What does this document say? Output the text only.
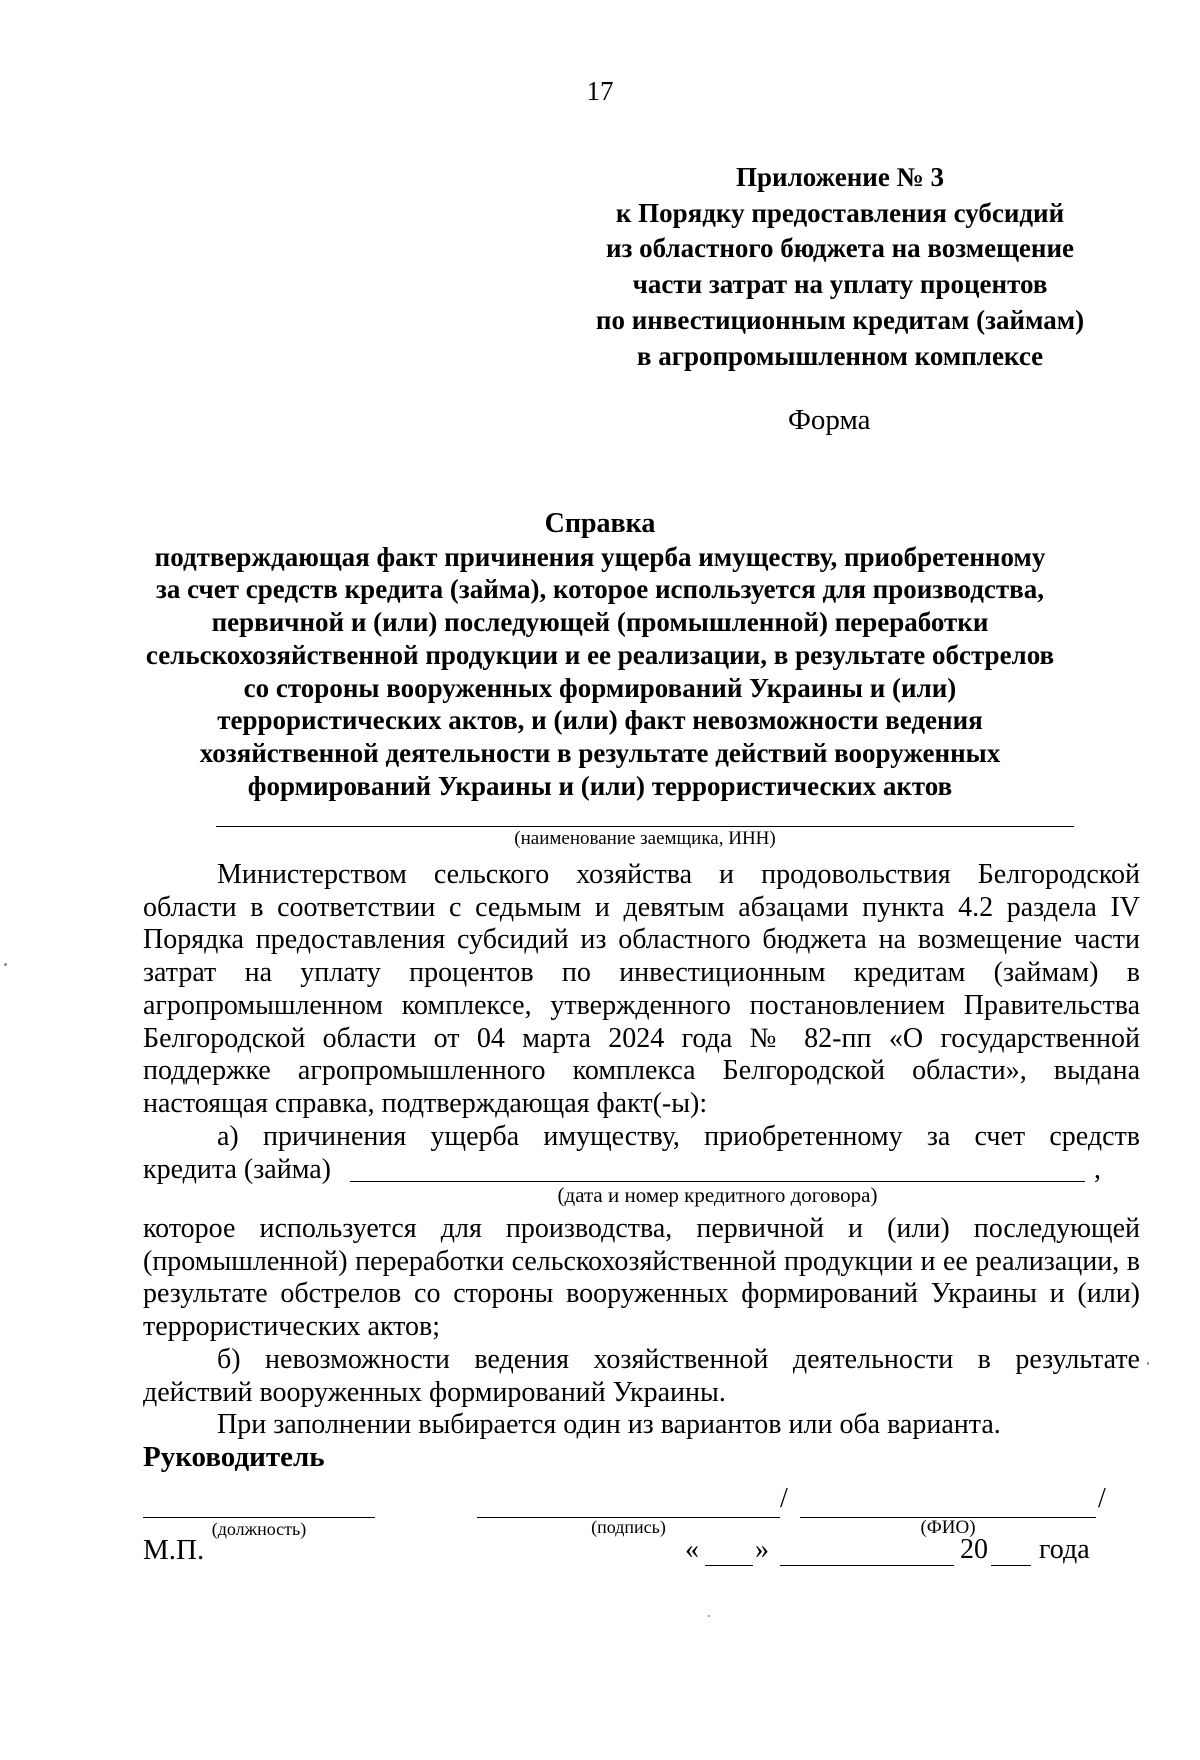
17
Приложение № 3
к Порядку предоставления субсидий
из областного бюджета на возмещение
части затрат на уплату процентов
по инвестиционным кредитам (займам)
в агропромышленном комплексе
Форма
Справка
подтверждающая факт причинения ущерба имуществу, приобретенному
за счет средств кредита (займа), которое используется для производства,
первичной и (или) последующей (промышленной) переработки
сельскохозяйственной продукции и ее реализации, в результате обстрелов
со стороны вооруженных формирований Украины и (или)
террористических актов, и (или) факт невозможности ведения
хозяйственной деятельности в результате действий вооруженных
формирований Украины и (или) террористических актов
(наименование заемщика, ИНН)

Министерством сельского хозяйства и продовольствия Белгородской области в соответствии с седьмым и девятым абзацами пункта 4.2 раздела IV Порядка предоставления субсидий из областного бюджета на возмещение части затрат на уплату процентов по инвестиционным кредитам (займам) в агропромышленном комплексе, утвержденного постановлением Правительства Белгородской области от 04 марта 2024 года № 82-пп «О государственной поддержке агропромышленного комплекса Белгородской области», выдана настоящая справка, подтверждающая факт(-ы):

а) причинения ущерба имуществу, приобретенному за счет средств

кредита (займа)	,
(дата и номер кредитного договора)

которое используется для производства, первичной и (или) последующей (промышленной) переработки сельскохозяйственной продукции и ее реализации, в результате обстрелов со стороны вооруженных формирований Украины и (или) террористических актов;

б) невозможности ведения хозяйственной деятельности в результате действий вооруженных формирований Украины.

При заполнении выбирается один из вариантов или оба варианта.

Руководитель
/	/
(должность)	(подпись)	(ФИО)
М.П.	« »	20 года
